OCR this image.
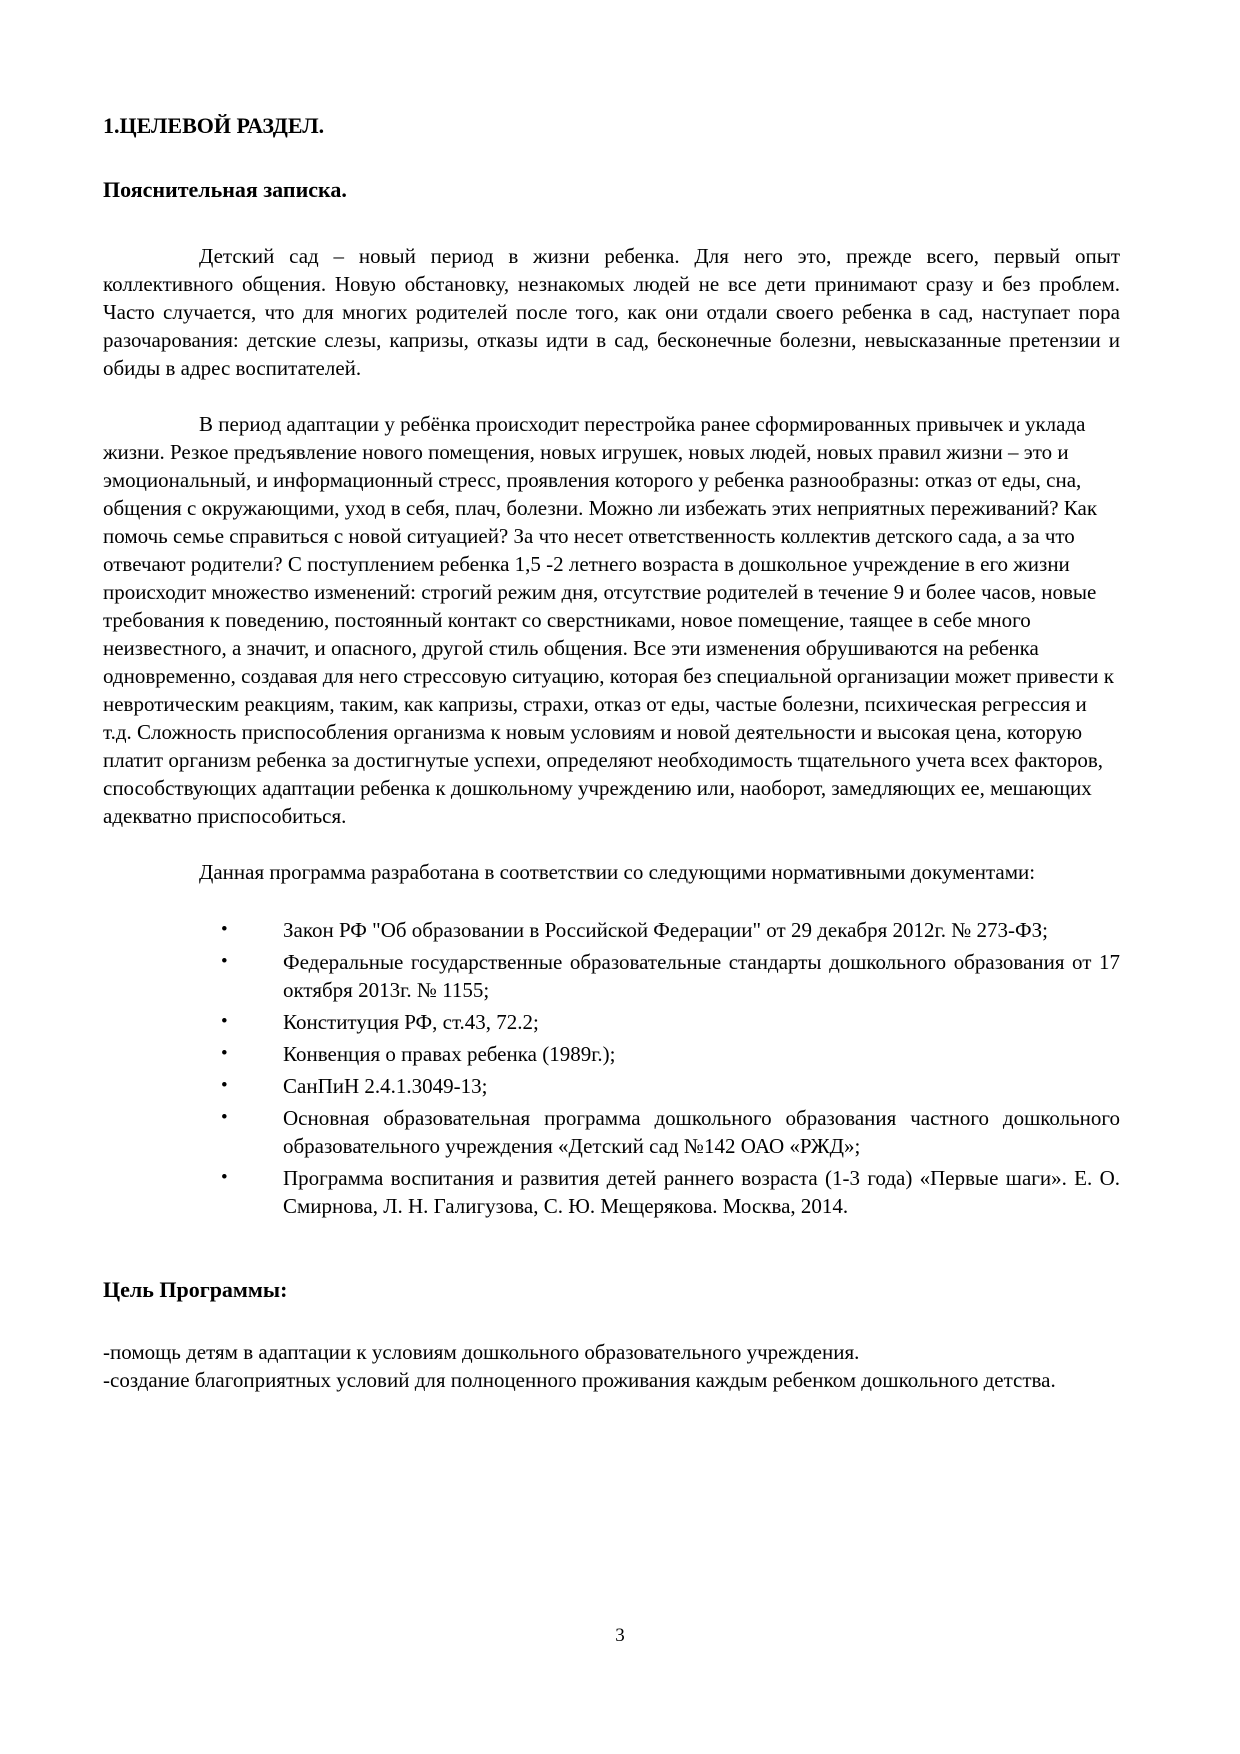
1.ЦЕЛЕВОЙ РАЗДЕЛ.
Пояснительная записка.

Детский сад – новый период в жизни ребенка. Для него это, прежде всего, первый опыт коллективного общения. Новую обстановку, незнакомых людей не все дети принимают сразу и без проблем. Часто случается, что для многих родителей после того, как они отдали своего ребенка в сад, наступает пора разочарования: детские слезы, капризы, отказы идти в сад, бесконечные болезни, невысказанные претензии и обиды в адрес воспитателей.

В период адаптации у ребёнка происходит перестройка ранее сформированных привычек и уклада жизни. Резкое предъявление нового помещения, новых игрушек, новых людей, новых правил жизни – это и эмоциональный, и информационный стресс, проявления которого у ребенка разнообразны: отказ от еды, сна, общения с окружающими, уход в себя, плач, болезни. Можно ли избежать этих неприятных переживаний? Как помочь семье справиться с новой ситуацией? За что несет ответственность коллектив детского сада, а за что отвечают родители? С поступлением ребенка 1,5 -2 летнего возраста в дошкольное учреждение в его жизни происходит множество изменений: строгий режим дня, отсутствие родителей в течение 9 и более часов, новые требования к поведению, постоянный контакт со сверстниками, новое помещение, таящее в себе много неизвестного, а значит, и опасного, другой стиль общения. Все эти изменения обрушиваются на ребенка одновременно, создавая для него стрессовую ситуацию, которая без специальной организации может привести к невротическим реакциям, таким, как капризы, страхи, отказ от еды, частые болезни, психическая регрессия и т.д. Сложность приспособления организма к новым условиям и новой деятельности и высокая цена, которую платит организм ребенка за достигнутые успехи, определяют необходимость тщательного учета всех факторов, способствующих адаптации ребенка к дошкольному учреждению или, наоборот, замедляющих ее, мешающих адекватно приспособиться.

Данная программа разработана в соответствии со следующими нормативными документами:

•	Закон РФ "Об образовании в Российской Федерации" от 29 декабря 2012г. № 273-ФЗ;
•	Федеральные государственные образовательные стандарты дошкольного образования от 17 октября 2013г. № 1155;
•	Конституция РФ, ст.43, 72.2;
•	Конвенция о правах ребенка (1989г.);
•	СанПиН 2.4.1.3049-13;
•	Основная образовательная программа дошкольного образования частного дошкольного образовательного учреждения «Детский сад №142 ОАО «РЖД»;
•	Программа воспитания и развития детей раннего возраста (1-3 года) «Первые шаги». Е. О. Смирнова, Л. Н. Галигузова, С. Ю. Мещерякова. Москва, 2014.
Цель Программы:

-помощь детям в адаптации к условиям дошкольного образовательного учреждения.

-создание благоприятных условий для полноценного проживания каждым ребенком дошкольного детства.

3
